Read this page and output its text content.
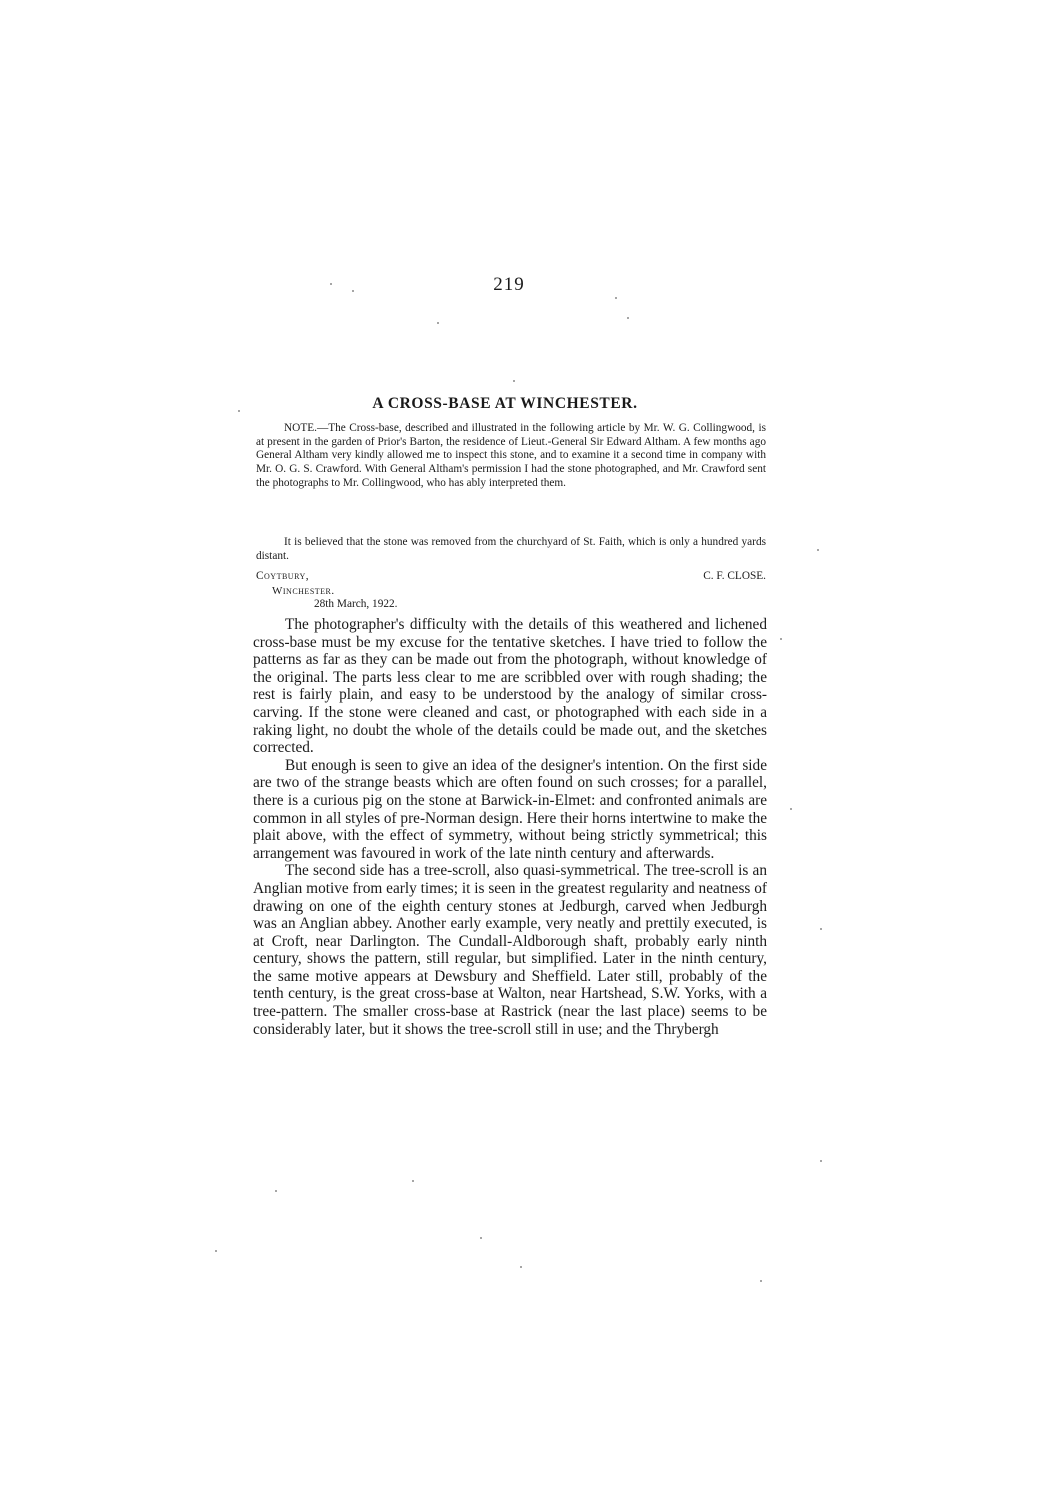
219
A CROSS-BASE AT WINCHESTER.

NOTE.—The Cross-base, described and illustrated in the following article by Mr. W. G. Collingwood, is at present in the garden of Prior's Barton, the residence of Lieut.-General Sir Edward Altham. A few months ago General Altham very kindly allowed me to inspect this stone, and to examine it a second time in company with Mr. O. G. S. Crawford. With General Altham's permission I had the stone photographed, and Mr. Crawford sent the photographs to Mr. Collingwood, who has ably interpreted them.

It is believed that the stone was removed from the churchyard of St. Faith, which is only a hundred yards distant.

Coytbury,	C. F. CLOSE.
Winchester.
28th March, 1922.

The photographer's difficulty with the details of this weathered and lichened cross-base must be my excuse for the tentative sketches. I have tried to follow the patterns as far as they can be made out from the photograph, without knowledge of the original. The parts less clear to me are scribbled over with rough shading; the rest is fairly plain, and easy to be understood by the analogy of similar cross-carving. If the stone were cleaned and cast, or photographed with each side in a raking light, no doubt the whole of the details could be made out, and the sketches corrected.

But enough is seen to give an idea of the designer's intention. On the first side are two of the strange beasts which are often found on such crosses; for a parallel, there is a curious pig on the stone at Barwick-in-Elmet: and confronted animals are common in all styles of pre-Norman design. Here their horns intertwine to make the plait above, with the effect of symmetry, without being strictly symmetrical; this arrangement was favoured in work of the late ninth century and afterwards.

The second side has a tree-scroll, also quasi-symmetrical. The tree-scroll is an Anglian motive from early times; it is seen in the greatest regularity and neatness of drawing on one of the eighth century stones at Jedburgh, carved when Jedburgh was an Anglian abbey. Another early example, very neatly and prettily executed, is at Croft, near Darlington. The Cundall-Aldborough shaft, probably early ninth century, shows the pattern, still regular, but simplified. Later in the ninth century, the same motive appears at Dewsbury and Sheffield. Later still, probably of the tenth century, is the great cross-base at Walton, near Hartshead, S.W. Yorks, with a tree-pattern. The smaller cross-base at Rastrick (near the last place) seems to be considerably later, but it shows the tree-scroll still in use; and the Thrybergh
